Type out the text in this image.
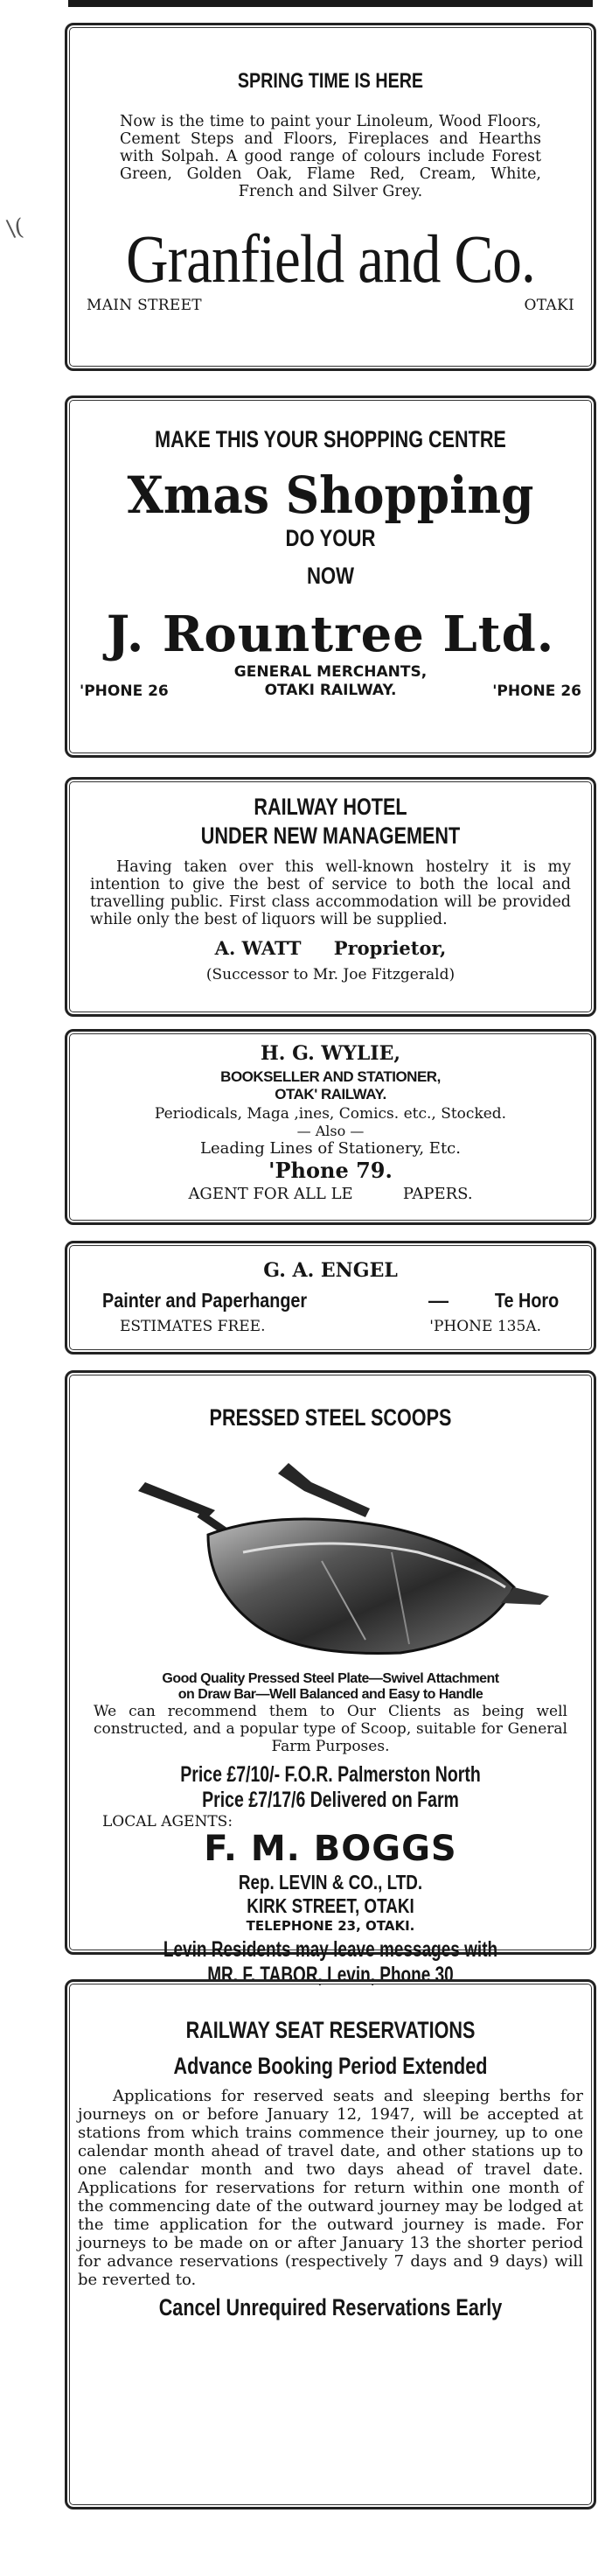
\(
SPRING TIME IS HERE
Now is the time to paint your Linoleum, Wood Floors, Cement Steps and Floors, Fireplaces and Hearths with Solpah. A good range of colours include Forest Green, Golden Oak, Flame Red, Cream, White, French and Silver Grey.
Granfield and Co.
MAIN STREET	OTAKI
MAKE THIS YOUR SHOPPING CENTRE
Xmas Shopping
DO YOUR
NOW
J. Rountree Ltd.
'PHONE 26
GENERAL MERCHANTS,
OTAKI RAILWAY.	'PHONE 26
RAILWAY HOTEL
UNDER NEW MANAGEMENT
Having taken over this well-known hostelry it is my intention to give the best of service to both the local and travelling public. First class accommodation will be provided while only the best of liquors will be supplied.
A. WATT Proprietor,
(Successor to Mr. Joe Fitzgerald)
H. G. WYLIE,
BOOKSELLER AND STATIONER,
OTAK' RAILWAY.
Periodicals, Maga ,ines, Comics. etc., Stocked.
— Also —
Leading Lines of Stationery, Etc.
'Phone 79.
AGENT FOR ALL LE          PAPERS.
G. A. ENGEL
Painter and Paperhanger	— Te Horo
ESTIMATES FREE.	'PHONE 135A.
PRESSED STEEL SCOOPS
Good Quality Pressed Steel Plate—Swivel Attachment
on Draw Bar—Well Balanced and Easy to Handle
We can recommend them to Our Clients as being well constructed, and a popular type of Scoop, suitable for General Farm Purposes.
Price £7/10/- F.O.R. Palmerston North
Price £7/17/6 Delivered on Farm
LOCAL AGENTS:
F. M. BOGGS
Rep. LEVIN & CO., LTD.
KIRK STREET, OTAKI
TELEPHONE 23, OTAKI.
Levin Residents may leave messages with
MR. F. TABOR, Levin, Phone 30
RAILWAY SEAT RESERVATIONS
Advance Booking Period Extended
Applications for reserved seats and sleeping berths for journeys on or before January 12, 1947, will be accepted at stations from which trains commence their journey, up to one calendar month ahead of travel date, and other stations up to one calendar month and two days ahead of travel date. Applications for reservations for return within one month of the commencing date of the outward journey may be lodged at the time application for the outward journey is made. For journeys to be made on or after January 13 the shorter period for advance reservations (respectively 7 days and 9 days) will be reverted to.
Cancel Unrequired Reservations Early
